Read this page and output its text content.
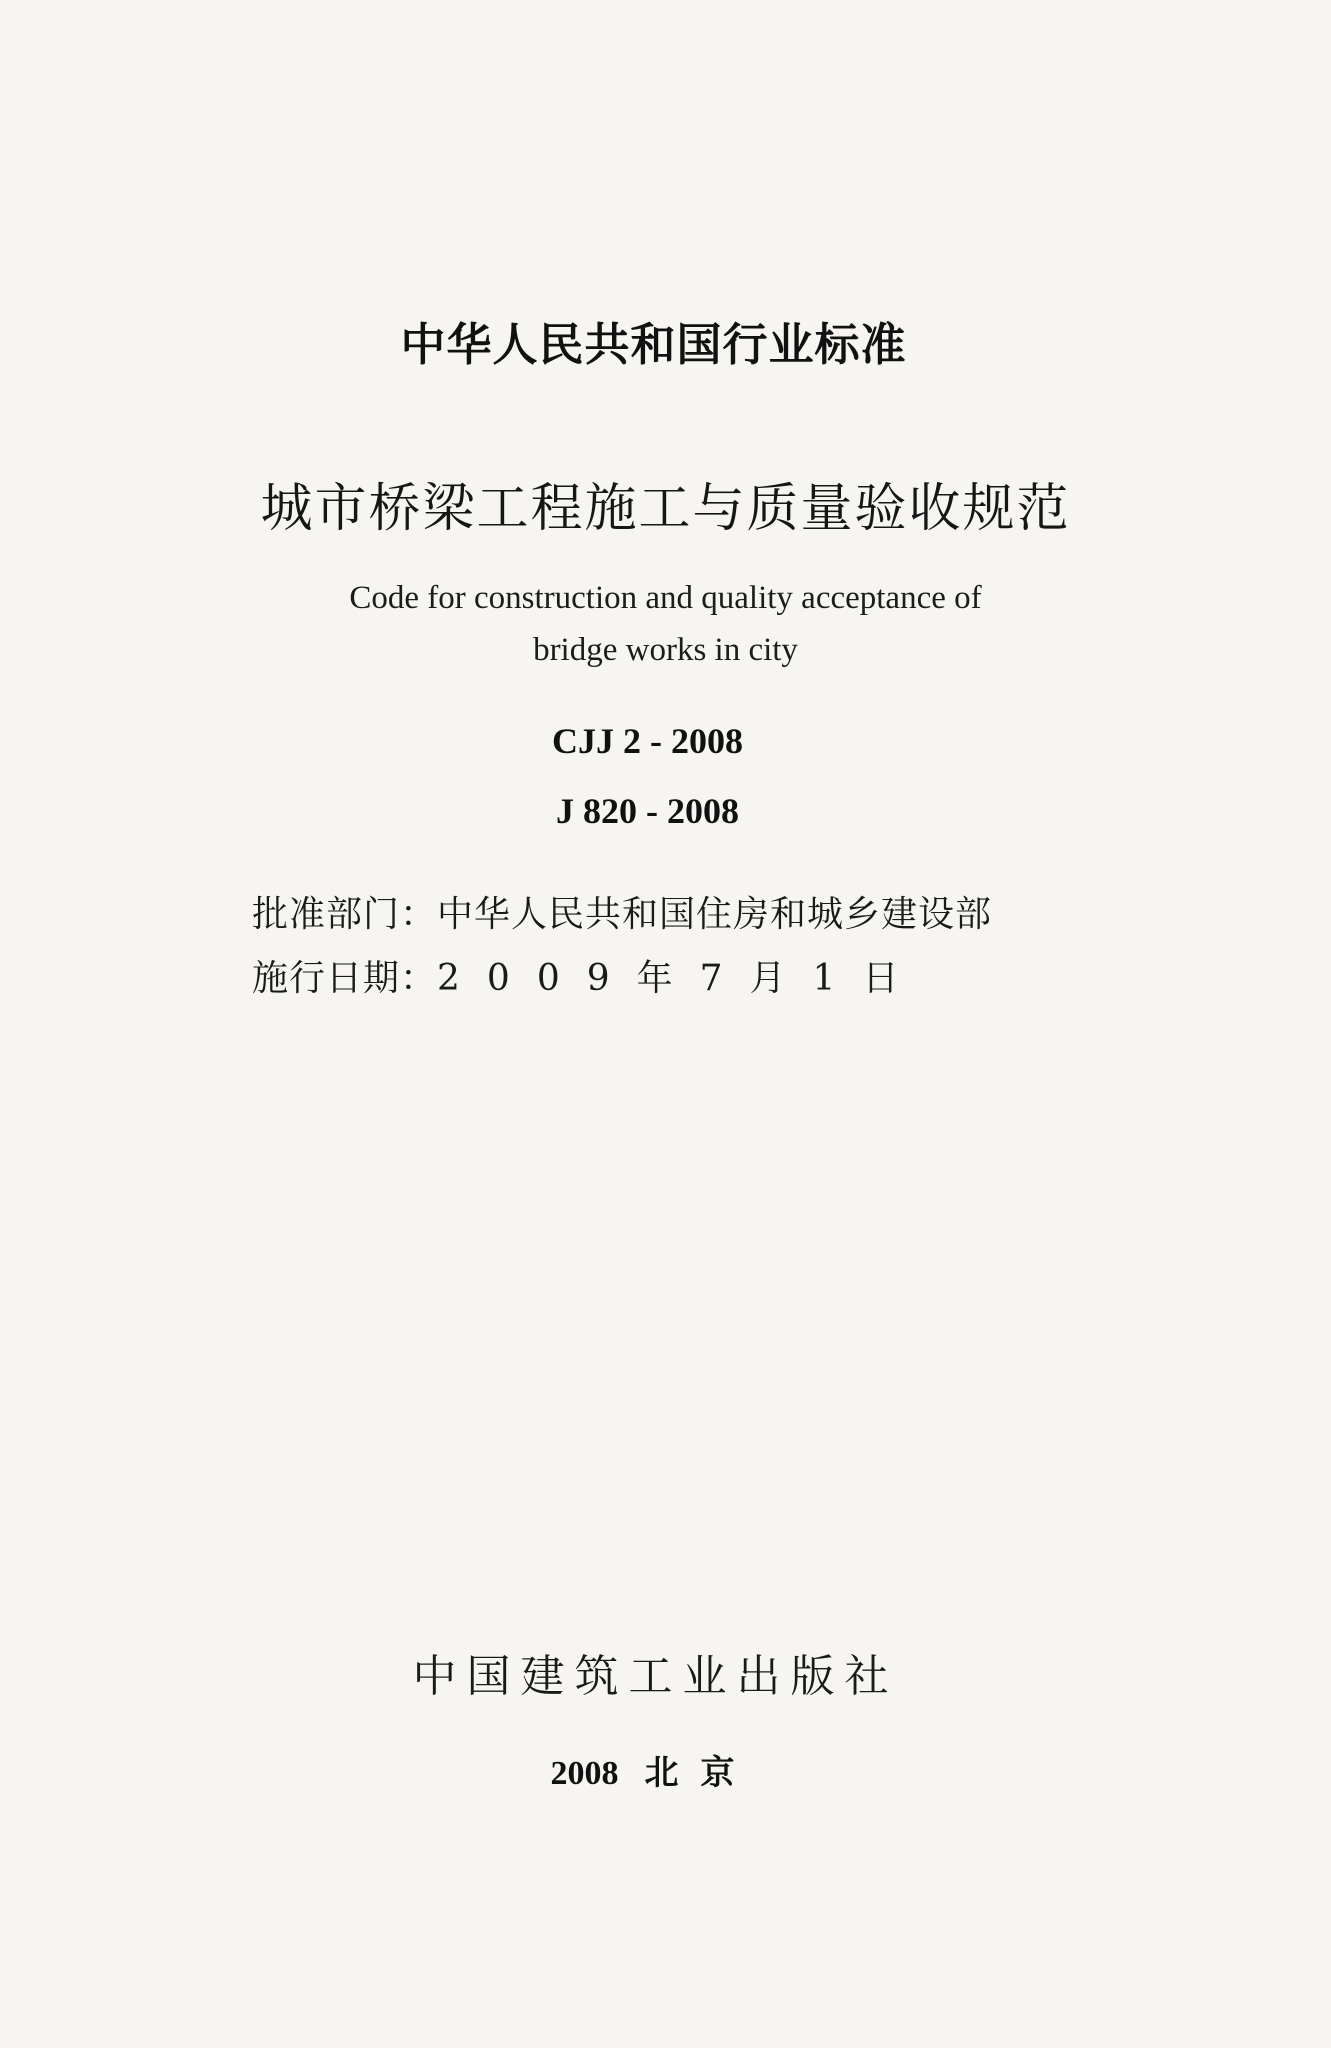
中华人民共和国行业标准
城市桥梁工程施工与质量验收规范
Code for construction and quality acceptance of
bridge works in city
CJJ 2 - 2008
J 820 - 2008
批准部门：中华人民共和国住房和城乡建设部
施行日期：2009年7月1日
中国建筑工业出版社
2008 北京
